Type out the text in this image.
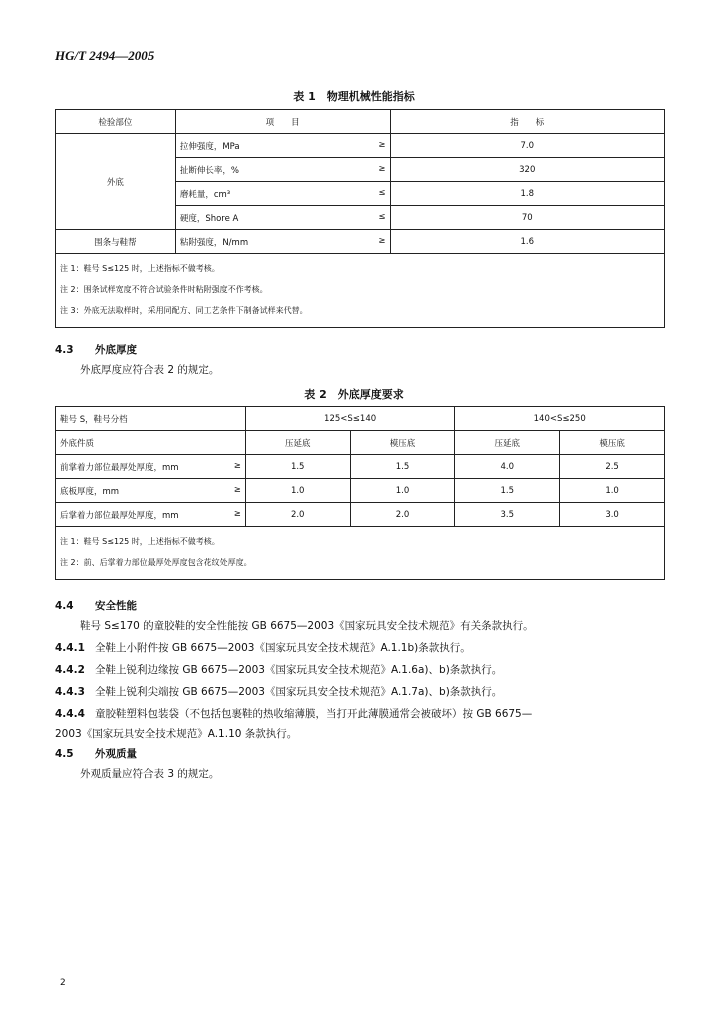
HG/T 2494—2005
表 1　物理机械性能指标
检验部位	项　　目	指　　标
外底	拉伸强度，MPa ≥	7.0
	扯断伸长率，% ≥	320
	磨耗量，cm³ ≤	1.8
	硬度，Shore A ≤	70
围条与鞋帮	粘附强度，N/mm ≥	1.6

注 1：鞋号 S≤125 时，上述指标不做考核。
注 2：围条试样宽度不符合试验条件时粘附强度不作考核。
注 3：外底无法取样时，采用同配方、同工艺条件下制备试样来代替。		
4.3 外底厚度
外底厚度应符合表 2 的规定。
表 2　外底厚度要求
鞋号 S，鞋号分档	125<S≤140		140<S≤250	
外底件质	压延底	模压底	压延底	模压底
前掌着力部位最厚处厚度，mm ≥	1.5	1.5	4.0	2.5
底板厚度，mm ≥	1.0	1.0	1.5	1.0
后掌着力部位最厚处厚度，mm ≥	2.0	2.0	3.5	3.0

注 1：鞋号 S≤125 时，上述指标不做考核。
注 2：前、后掌着力部位最厚处厚度包含花纹处厚度。				
4.4 安全性能
鞋号 S≤170 的童胶鞋的安全性能按 GB 6675—2003《国家玩具安全技术规范》有关条款执行。
4.4.1 全鞋上小附件按 GB 6675—2003《国家玩具安全技术规范》A.1.1b)条款执行。
4.4.2 全鞋上锐利边缘按 GB 6675—2003《国家玩具安全技术规范》A.1.6a)、b)条款执行。
4.4.3 全鞋上锐利尖端按 GB 6675—2003《国家玩具安全技术规范》A.1.7a)、b)条款执行。
4.4.4 童胶鞋塑料包装袋（不包括包裹鞋的热收缩薄膜，当打开此薄膜通常会被破坏）按 GB 6675—
2003《国家玩具安全技术规范》A.1.10 条款执行。
4.5 外观质量
外观质量应符合表 3 的规定。
2
